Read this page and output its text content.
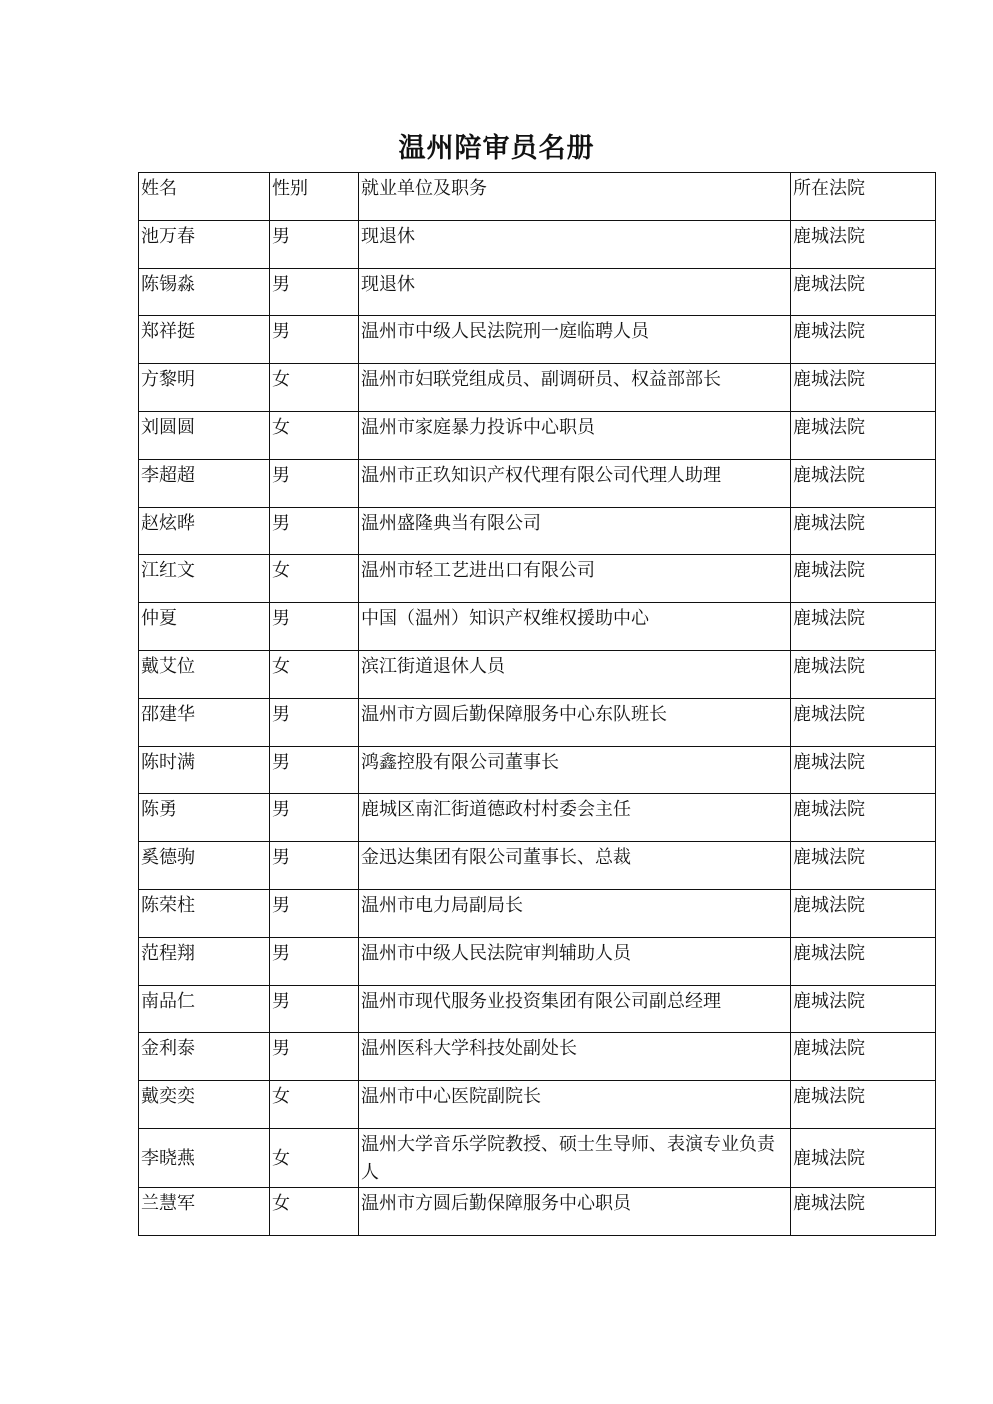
温州陪审员名册
姓名	性别	就业单位及职务	所在法院
池万春	男	现退休	鹿城法院
陈锡淼	男	现退休	鹿城法院
郑祥挺	男	温州市中级人民法院刑一庭临聘人员	鹿城法院
方黎明	女	温州市妇联党组成员、副调研员、权益部部长	鹿城法院
刘圆圆	女	温州市家庭暴力投诉中心职员	鹿城法院
李超超	男	温州市正玖知识产权代理有限公司代理人助理	鹿城法院
赵炫晔	男	温州盛隆典当有限公司	鹿城法院
江红文	女	温州市轻工艺进出口有限公司	鹿城法院
仲夏	男	中国（温州）知识产权维权援助中心	鹿城法院
戴艾位	女	滨江街道退休人员	鹿城法院
邵建华	男	温州市方圆后勤保障服务中心东队班长	鹿城法院
陈时满	男	鸿鑫控股有限公司董事长	鹿城法院
陈勇	男	鹿城区南汇街道德政村村委会主任	鹿城法院
奚德驹	男	金迅达集团有限公司董事长、总裁	鹿城法院
陈荣柱	男	温州市电力局副局长	鹿城法院
范程翔	男	温州市中级人民法院审判辅助人员	鹿城法院
南品仁	男	温州市现代服务业投资集团有限公司副总经理	鹿城法院
金利泰	男	温州医科大学科技处副处长	鹿城法院
戴奕奕	女	温州市中心医院副院长	鹿城法院
李晓燕	女	温州大学音乐学院教授、硕士生导师、表演专业负责人	鹿城法院
兰慧军	女	温州市方圆后勤保障服务中心职员	鹿城法院
